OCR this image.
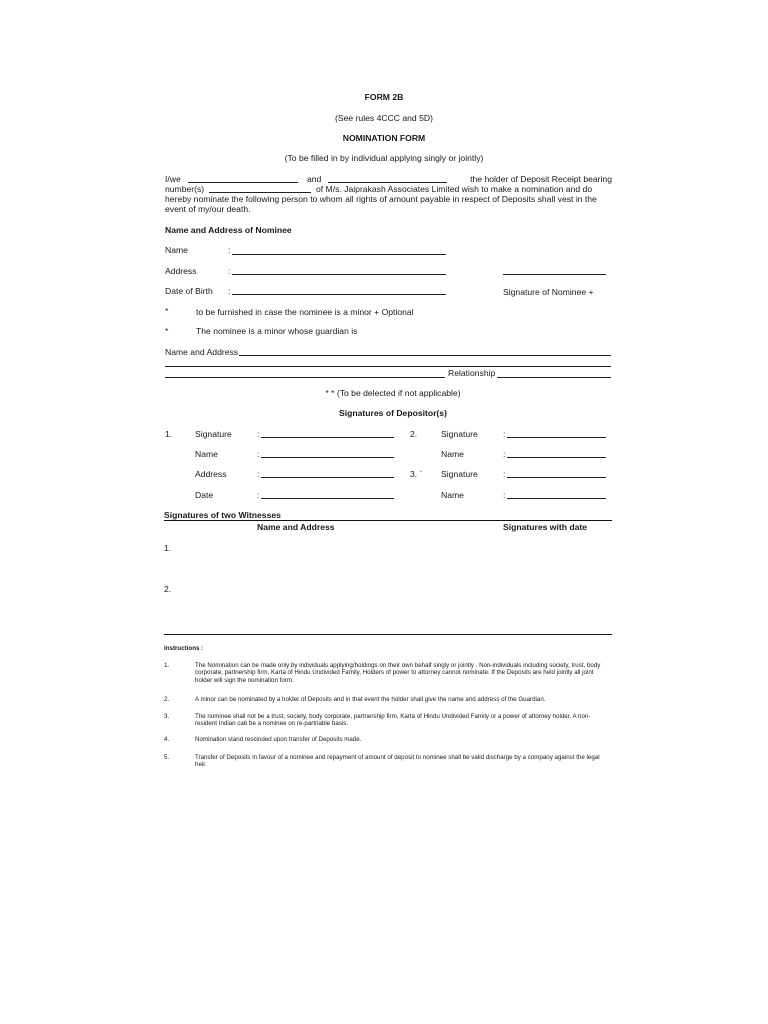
FORM 2B
(See rules 4CCC and 5D)
NOMINATION FORM
(To be filled in by individual applying singly or jointly)
I/we	and	the holder of Deposit Receipt bearing
number(s)	of M/s. Jaiprakash Associates Limited wish to make a nomination and do
hereby nominate the following person to whom all rights of amount payable in respect of Deposits shall vest in the
event of my/our death.
Name and Address of Nominee
Name	:
Address	:
Date of Birth :	Signature of Nominee +
*	to be furnished in case the nominee is a minor + Optional
*	The nominee is a minor whose guardian is
Name and Address
Relationship
* * (To be delected if not applicable)
Signatures of Depositor(s)
1.	Signature	:
Name	:
Address	:
Date	:
2.	Signature	:
Name	:
3. ` Signature	:
Name	:
Signatures of two Witnesses
Name and Address	Signatures with date
1.
2.
Instructions :
1.	The Nomination can be made only by individuals applying/holdings on their own behalf singly or jointly . Non-individuals including society, trust, body corporate, partnership firm, Karta of Hindu Undivided Family, Holders of power to attorney cannot nominate. If the Deposits are held jointly all joint holder will sign the nomination form.
2.	A minor can be nominated by a holder of Deposits and in that event the holder shall give the name and address of the Guardian.
3.	The nominee shall not be a trust, society, body corporate, partnership firm, Karta of Hindu Undivided Family or a power of attorney holder. A non-resident Indian cab be a nominee on re-partriable basis.
4.	Nomination stand rescinded upon transfer of Deposits made.
5.	Transfer of Deposits in favour of a nominee and repayment of amount of deposit to nominee shall be valid discharge by a company against the legal heir.
